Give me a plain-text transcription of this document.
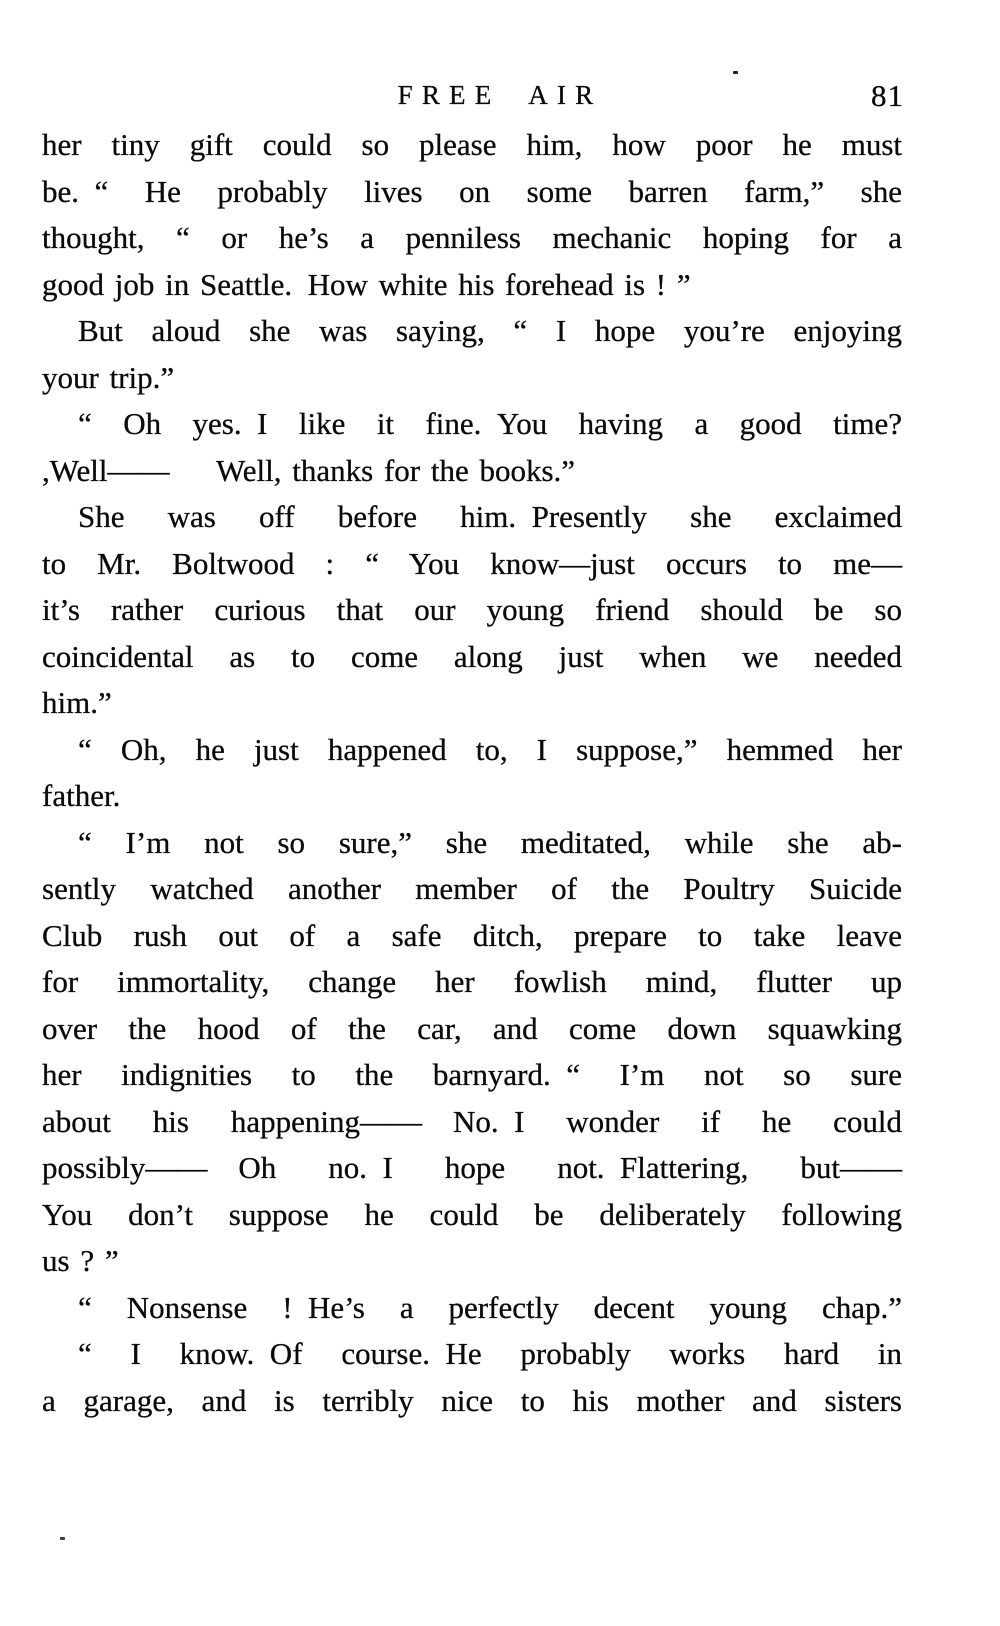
FREE AIR	81
her tiny gift could so please him, how poor he must
be. “ He probably lives on some barren farm,” she
thought, “ or he’s a penniless mechanic hoping for a
good job in Seattle. How white his forehead is ! ”
But aloud she was saying, “ I hope you’re enjoying
your trip.”
“ Oh yes. I like it fine. You having a good time?
,Well——  Well, thanks for the books.”
She was off before him. Presently she exclaimed
to Mr. Boltwood : “ You know—just occurs to me—
it’s rather curious that our young friend should be so
coincidental as to come along just when we needed
him.”
“ Oh, he just happened to, I suppose,” hemmed her
father.
“ I’m not so sure,” she meditated, while she ab-
sently watched another member of the Poultry Suicide
Club rush out of a safe ditch, prepare to take leave
for immortality, change her fowlish mind, flutter up
over the hood of the car, and come down squawking
her indignities to the barnyard. “ I’m not so sure
about his happening—— No. I wonder if he could
possibly—— Oh no. I hope not. Flattering, but——
You don’t suppose he could be deliberately following
us ? ”
“ Nonsense ! He’s a perfectly decent young chap.”
“ I know. Of course. He probably works hard in
a garage, and is terribly nice to his mother and sisters
